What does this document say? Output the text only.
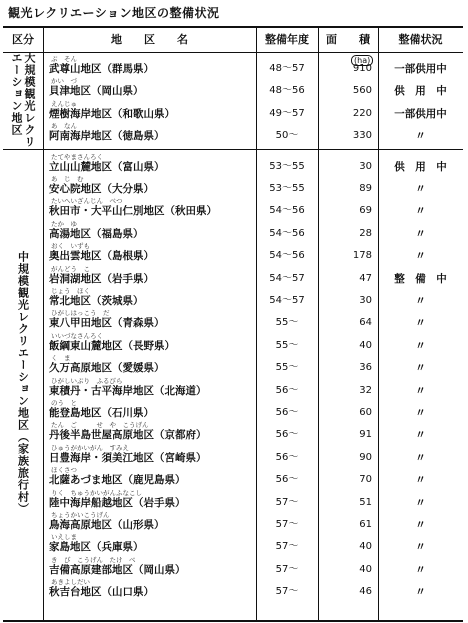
観光レクリエーション地区の整備状況
区分	地　　区　　名	整備年度	面　　積	整備状況
(ha)
大規模観光レクリ
エーション地区
中規模観光レクリエーション地区（家族旅行村）
ぶ　そん
武尊山地区（群馬県）	48〜57	910	一部供用中
かい　づ
貝津地区（岡山県）	48〜56	560	供　用　中
えんじゅ
煙樹海岸地区（和歌山県）	49〜57	220	一部供用中
あ　なん
阿南海岸地区（徳島県）	50〜	330	〃
たてやまさんろく
立山山麓地区（富山県）	53〜55	30	供　用　中
あ　じ　む
安心院地区（大分県）	53〜55	89	〃
たいへいざんじん　べつ
秋田市・大平山仁別地区（秋田県）	54〜56	69	〃
たか　ゆ
高湯地区（福島県）	54〜56	28	〃
おく　いずも
奥出雲地区（島根県）	54〜56	178	〃
がんどう　こ
岩洞湖地区（岩手県）	54〜57	47	整　備　中
じょう　ほく
常北地区（茨城県）	54〜57	30	〃
ひがしはっこう　だ
東八甲田地区（青森県）	55〜	64	〃
いいづなさんろく
飯綱東山麓地区（長野県）	55〜	40	〃
く　ま
久万高原地区（愛媛県）	55〜	36	〃
ひがしいぶり　ふるびら
東積丹・古平海岸地区（北海道）	56〜	32	〃
のう　と
能登島地区（石川県）	56〜	60	〃
たん　ご　　　せ　や　こうげん
丹後半島世屋高原地区（京都府）	56〜	91	〃
ひゅうがかいがん　すみえ
日豊海岸・須美江地区（宮崎県）	56〜	90	〃
ほくさつ
北薩あづま地区（鹿児島県）	56〜	70	〃
りく　ちゅうかいがんふなこし
陸中海岸船越地区（岩手県）	57〜	51	〃
ちょうかいこうげん
鳥海高原地区（山形県）	57〜	61	〃
いえしま
家島地区（兵庫県）	57〜	40	〃
き　び　こうげん　たけ　べ
吉備高原建部地区（岡山県）	57〜	40	〃
あきよしだい
秋吉台地区（山口県）	57〜	46	〃
